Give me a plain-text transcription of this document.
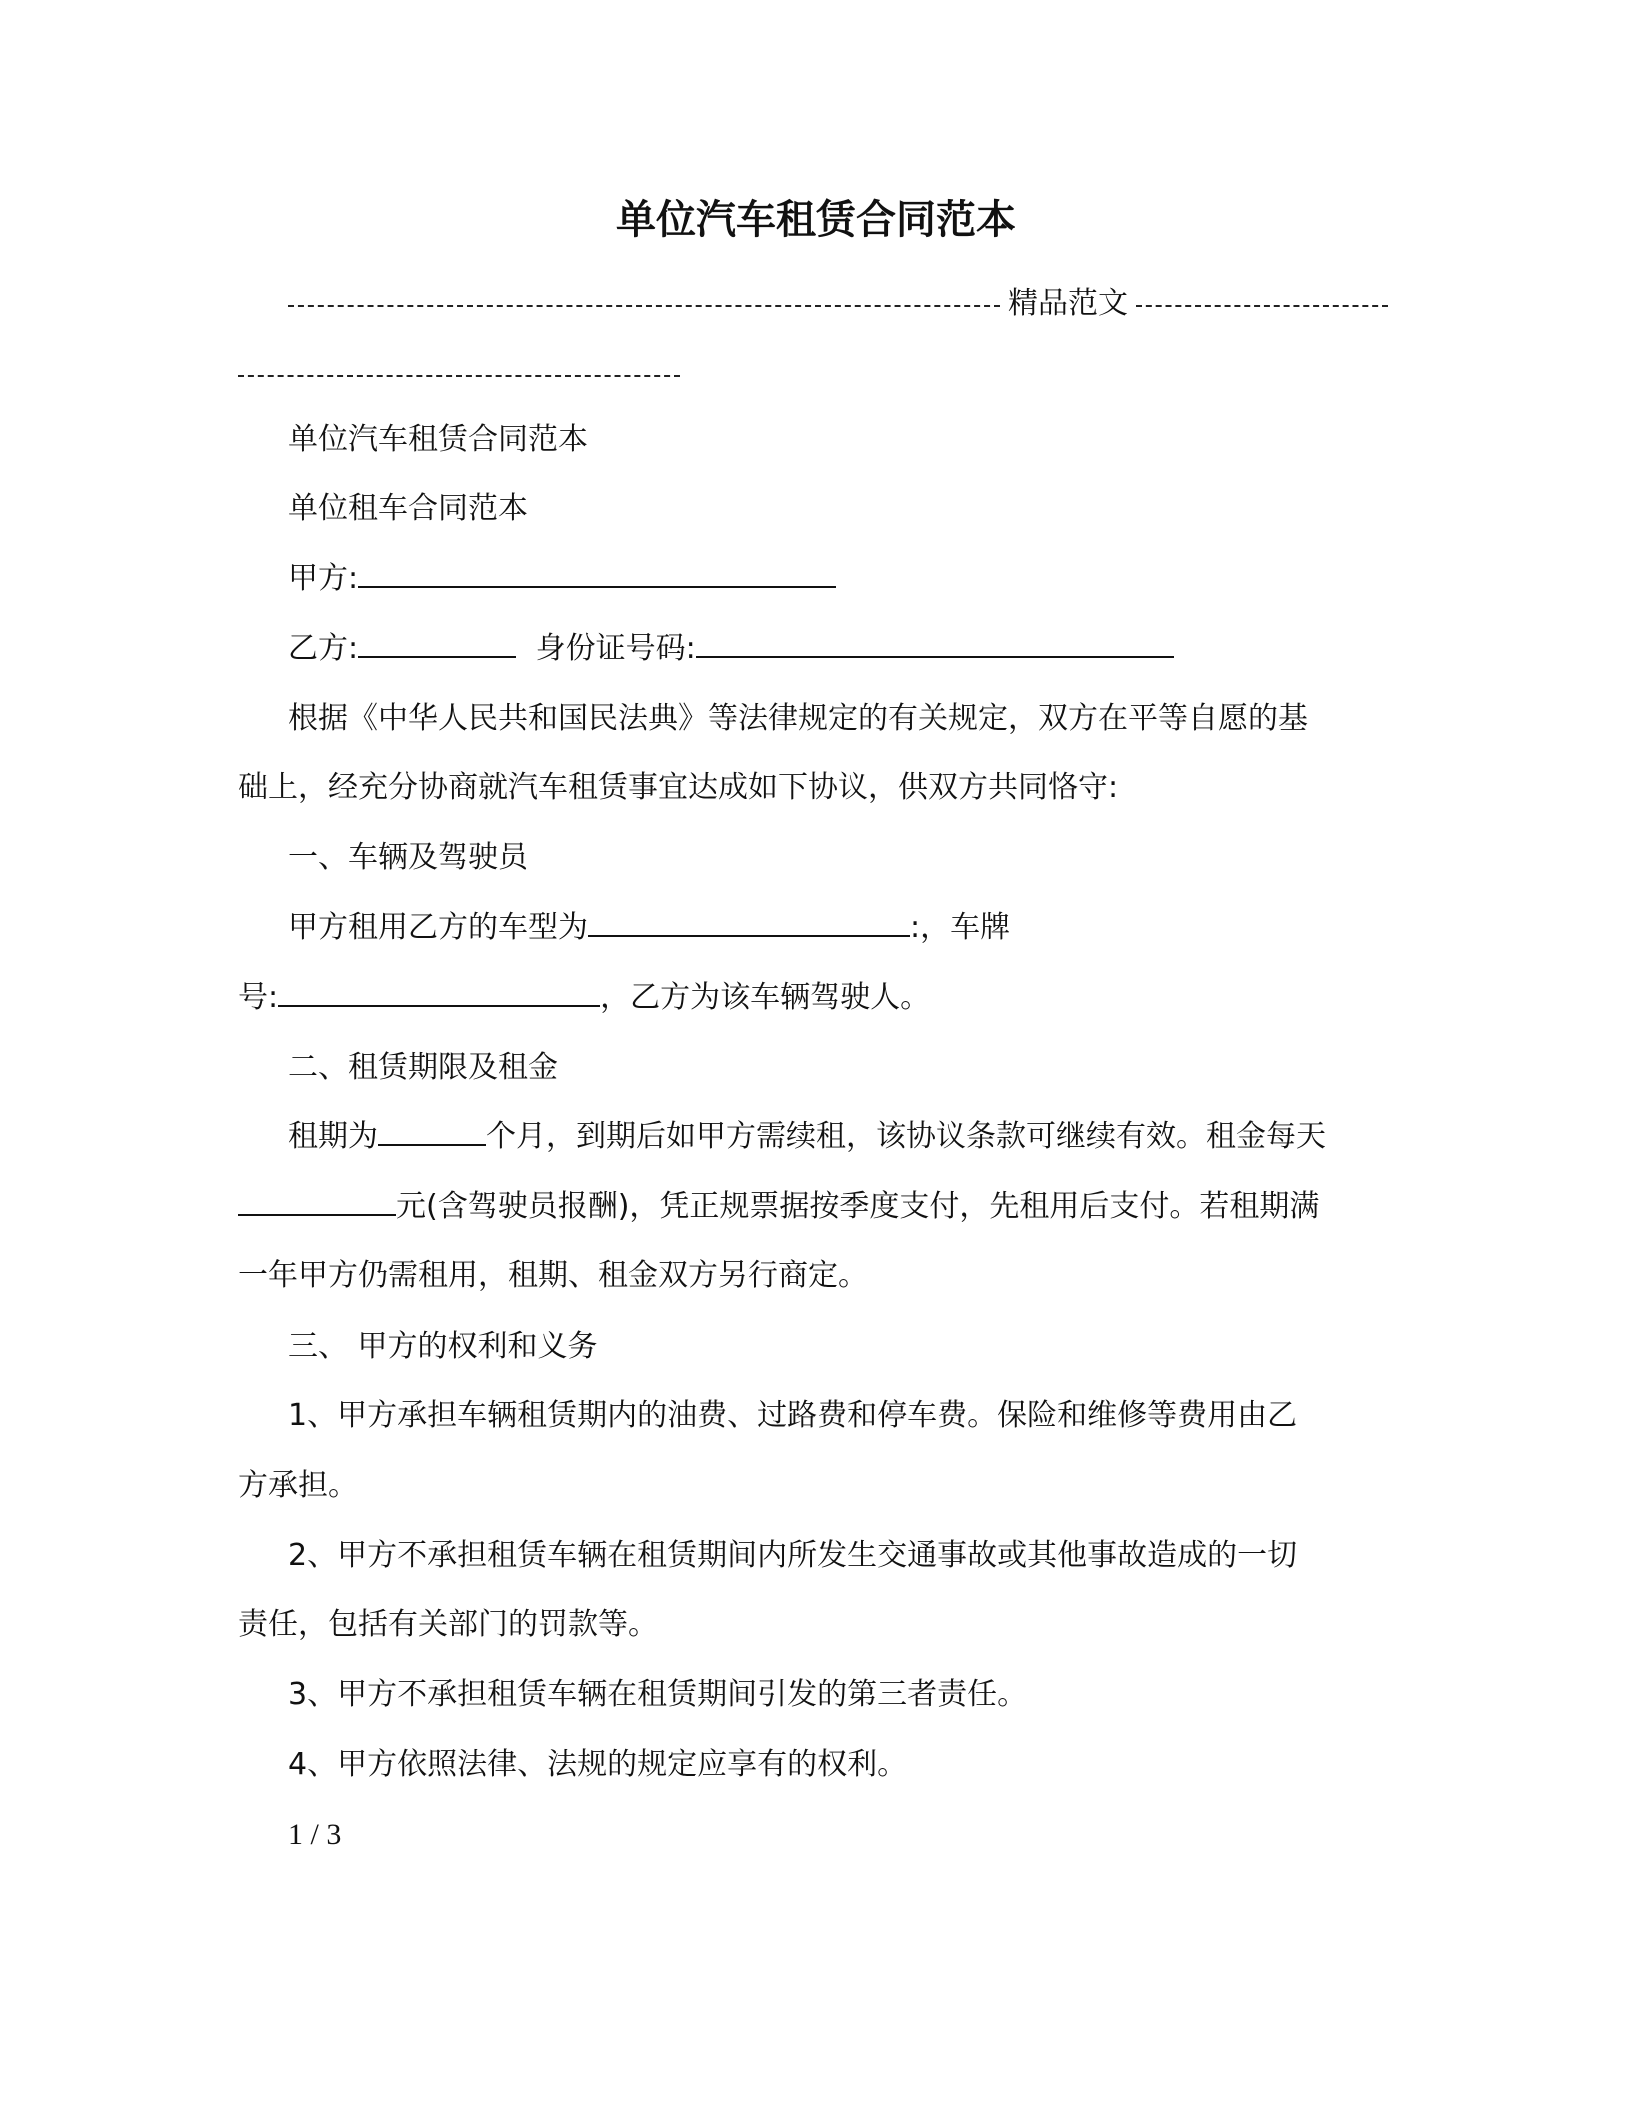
单位汽车租赁合同范本
精品范文
单位汽车租赁合同范本
单位租车合同范本
甲方:
乙方:	身份证号码:
根据《中华人民共和国民法典》等法律规定的有关规定，双方在平等自愿的基
础上，经充分协商就汽车租赁事宜达成如下协议，供双方共同恪守:
一、车辆及驾驶员
甲方租用乙方的车型为	:，车牌
号:	，乙方为该车辆驾驶人。
二、租赁期限及租金
租期为	个月，到期后如甲方需续租，该协议条款可继续有效。租金每天
元(含驾驶员报酬)，凭正规票据按季度支付，先租用后支付。若租期满
一年甲方仍需租用，租期、租金双方另行商定。
三、 甲方的权利和义务
1、甲方承担车辆租赁期内的油费、过路费和停车费。保险和维修等费用由乙
方承担。
2、甲方不承担租赁车辆在租赁期间内所发生交通事故或其他事故造成的一切
责任，包括有关部门的罚款等。
3、甲方不承担租赁车辆在租赁期间引发的第三者责任。
4、甲方依照法律、法规的规定应享有的权利。
1 / 3
